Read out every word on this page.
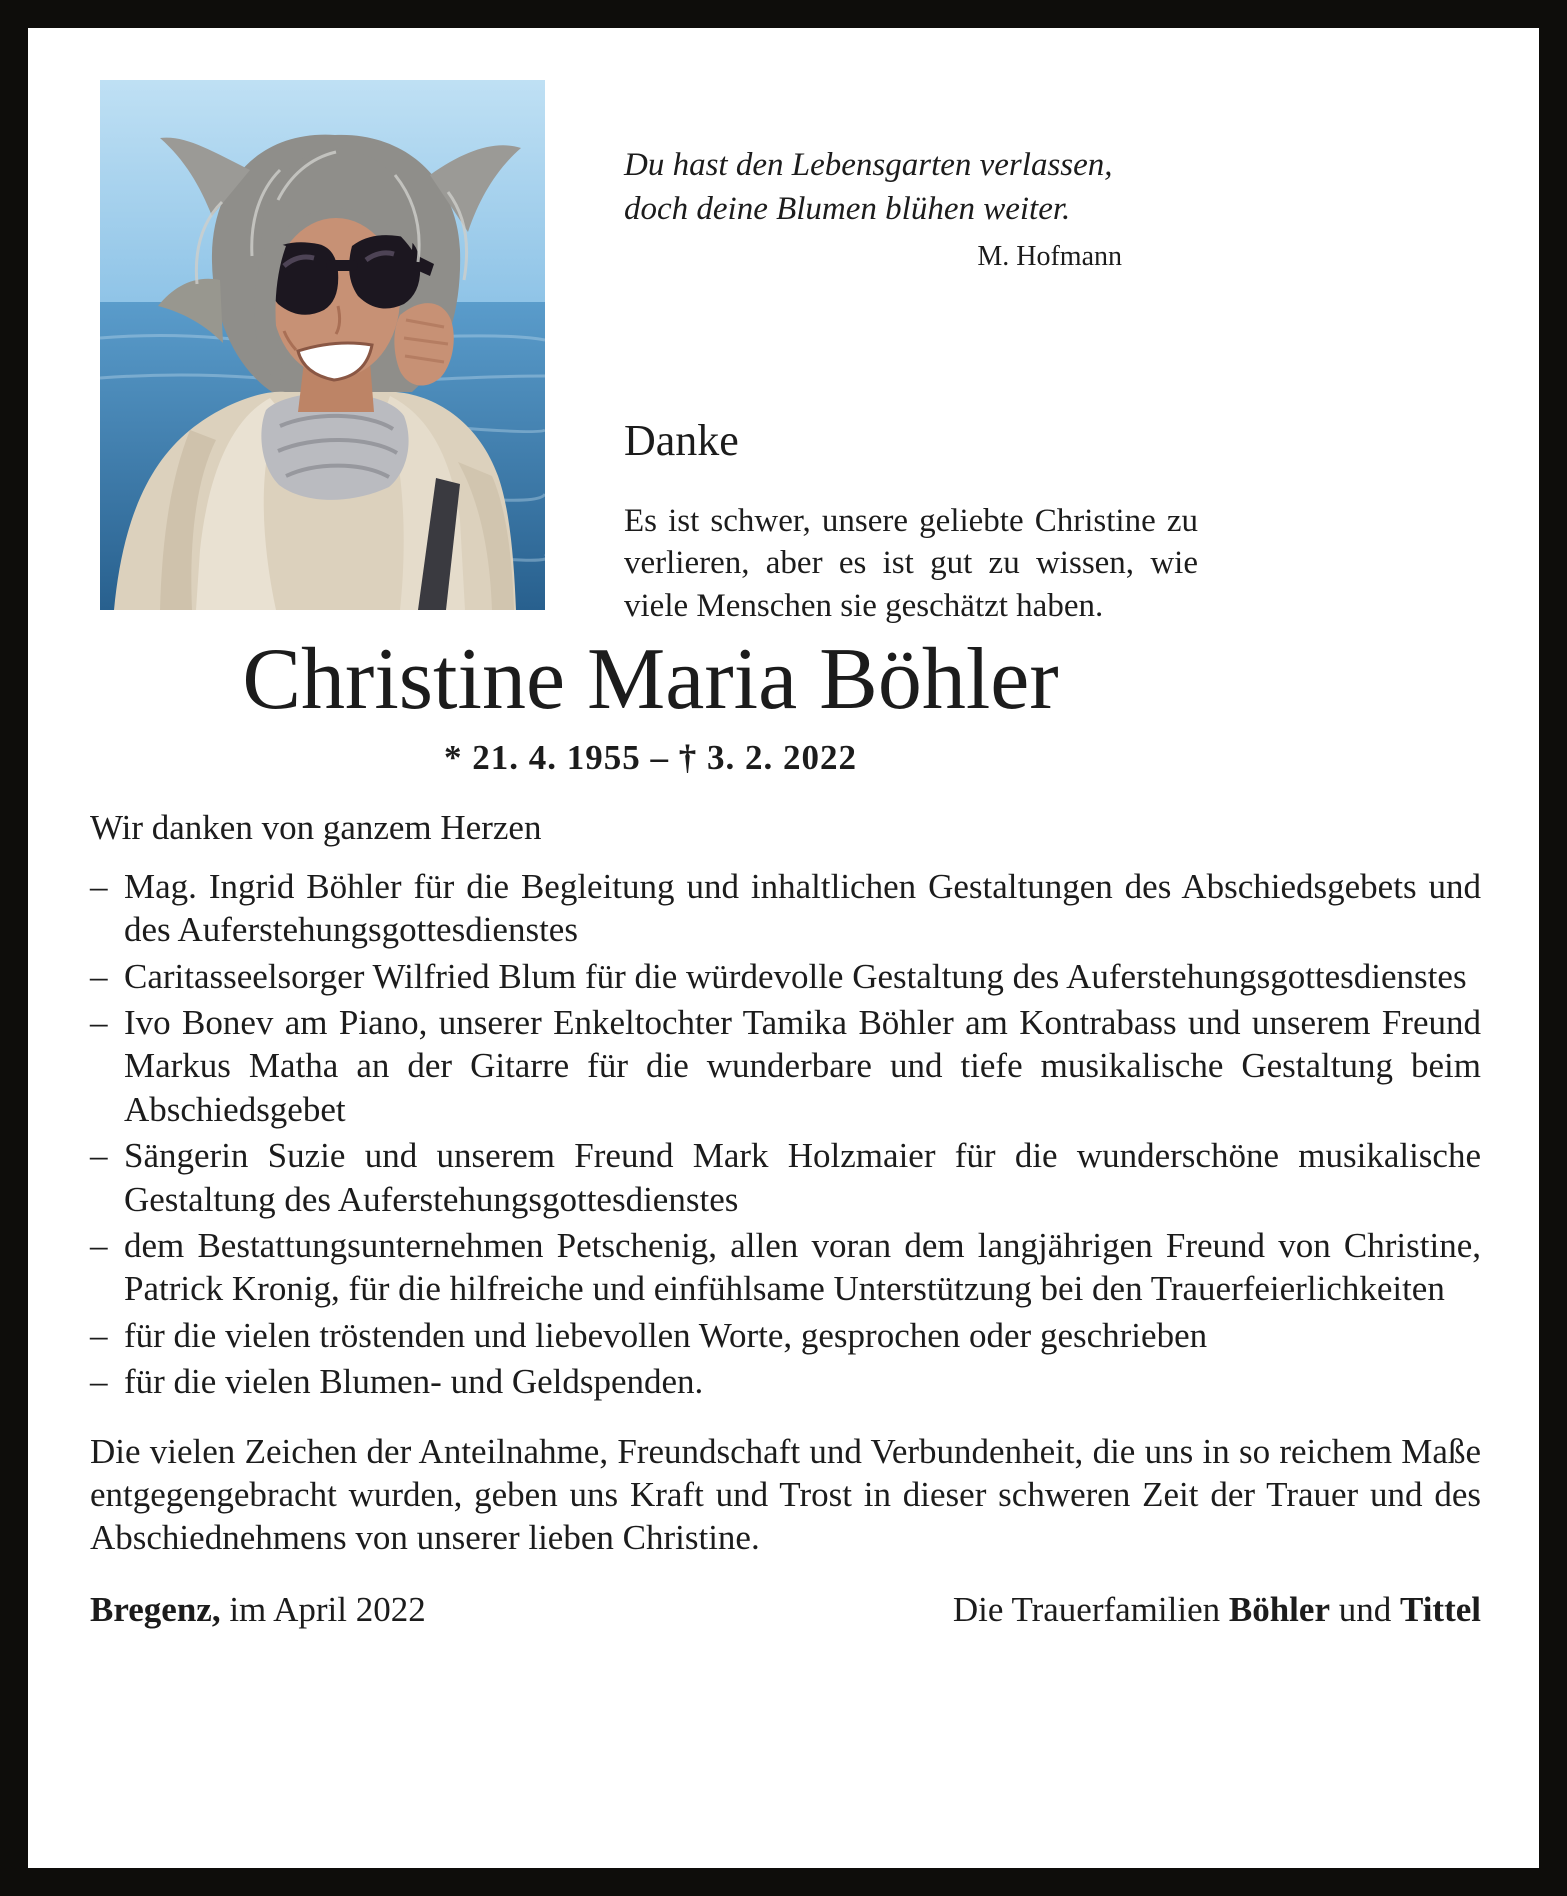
Du hast den Lebensgarten verlassen,
doch deine Blumen blühen weiter.
M. Hofmann
Danke
Es ist schwer, unsere geliebte Christine zu verlieren, aber es ist gut zu wissen, wie viele Menschen sie geschätzt haben.
Christine Maria Böhler
* 21. 4. 1955 – † 3. 2. 2022
Wir danken von ganzem Herzen
– Mag. Ingrid Böhler für die Begleitung und inhaltlichen Gestaltungen des Abschiedsgebets und des Auferstehungsgottesdienstes
– Caritasseelsorger Wilfried Blum für die würdevolle Gestaltung des Auferstehungsgottesdienstes
– Ivo Bonev am Piano, unserer Enkeltochter Tamika Böhler am Kontrabass und unserem Freund Markus Matha an der Gitarre für die wunderbare und tiefe musikalische Gestaltung beim Abschiedsgebet
– Sängerin Suzie und unserem Freund Mark Holzmaier für die wunderschöne musikalische Gestaltung des Auferstehungsgottesdienstes
– dem Bestattungsunternehmen Petschenig, allen voran dem langjährigen Freund von Christine, Patrick Kronig, für die hilfreiche und einfühlsame Unterstützung bei den Trauerfeierlichkeiten
– für die vielen tröstenden und liebevollen Worte, gesprochen oder geschrieben
– für die vielen Blumen- und Geldspenden.
Die vielen Zeichen der Anteilnahme, Freundschaft und Verbundenheit, die uns in so reichem Maße entgegengebracht wurden, geben uns Kraft und Trost in dieser schweren Zeit der Trauer und des Abschiednehmens von unserer lieben Christine.
Bregenz, im April 2022	Die Trauerfamilien Böhler und Tittel
